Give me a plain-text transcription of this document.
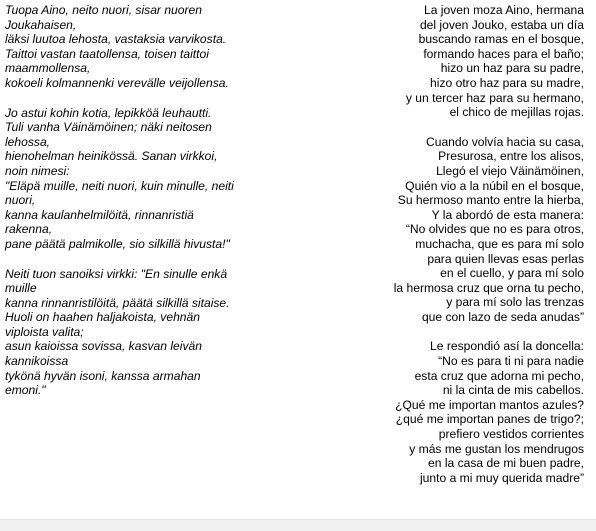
Tuopa Aino, neito nuori, sisar nuoren
Joukahaisen,
läksi luutoa lehosta, vastaksia varvikosta.
Taittoi vastan taatollensa, toisen taittoi
maammollensa,
kokoeli kolmannenki verevälle veijollensa.
Jo astui kohin kotia, lepikköä leuhautti.
Tuli vanha Väinämöinen; näki neitosen
lehossa,
hienohelman heinikössä. Sanan virkkoi,
noin nimesi:
"Eläpä muille, neiti nuori, kuin minulle, neiti
nuori,
kanna kaulanhelmilöitä, rinnanristiä
rakenna,
pane päätä palmikolle, sio silkillä hivusta!"
Neiti tuon sanoiksi virkki: "En sinulle enkä
muille
kanna rinnanristilöitä, päätä silkillä sitaise.
Huoli on haahen haljakoista, vehnän
viploista valita;
asun kaioissa sovissa, kasvan leivän
kannikoissa
tykönä hyvän isoni, kanssa armahan
emoni."
La joven moza Aino, hermana
del joven Jouko, estaba un día
buscando ramas en el bosque,
formando haces para el baño;
hizo un haz para su padre,
hizo otro haz para su madre,
y un tercer haz para su hermano,
el chico de mejillas rojas.
Cuando volvía hacia su casa,
Presurosa, entre los alisos,
Llegó el viejo Väinämöinen,
Quién vio a la núbil en el bosque,
Su hermoso manto entre la hierba,
Y la abordó de esta manera:
“No olvides que no es para otros,
muchacha, que es para mí solo
para quien llevas esas perlas
en el cuello, y para mí solo
la hermosa cruz que orna tu pecho,
y para mí solo las trenzas
que con lazo de seda anudas”
Le respondió así la doncella:
“No es para ti ni para nadie
esta cruz que adorna mi pecho,
ni la cinta de mis cabellos.
¿Qué me importan mantos azules?
¿qué me importan panes de trigo?;
prefiero vestidos corrientes
y más me gustan los mendrugos
en la casa de mi buen padre,
junto a mi muy querida madre”
